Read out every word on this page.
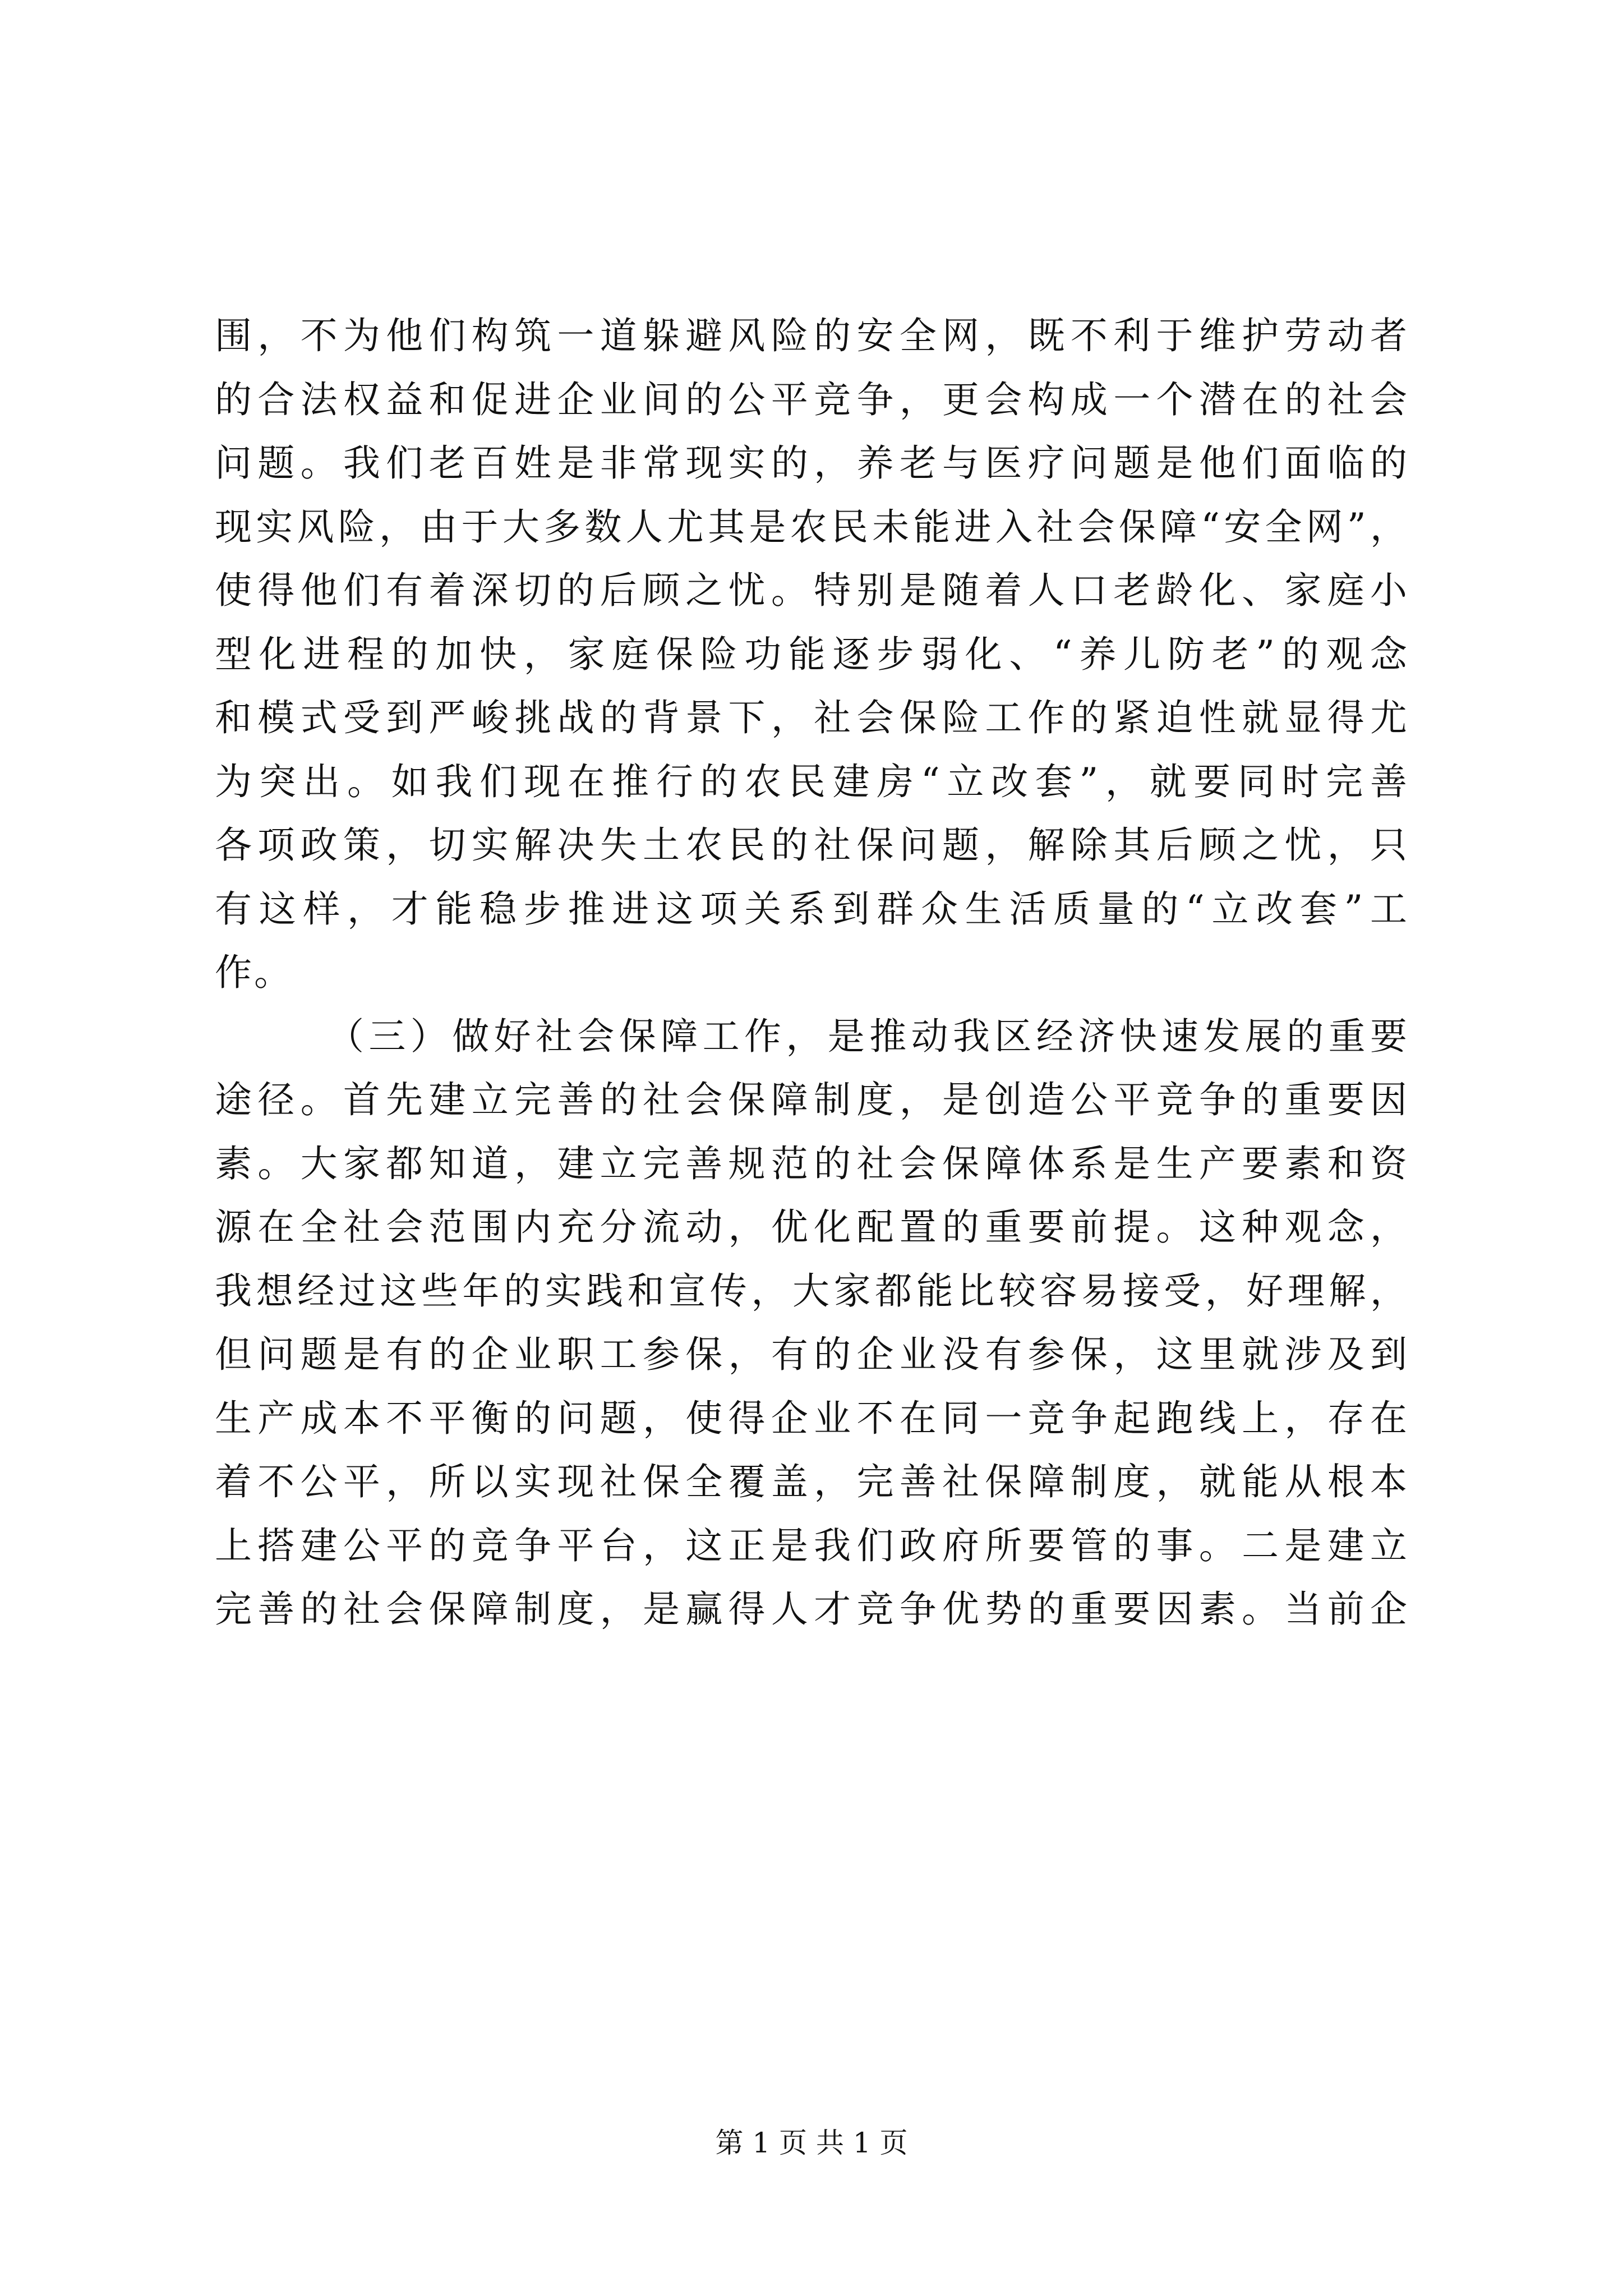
围，不为他们构筑一道躲避风险的安全网，既不利于维护劳动者
的合法权益和促进企业间的公平竞争，更会构成一个潜在的社会
问题。我们老百姓是非常现实的，养老与医疗问题是他们面临的
现实风险，由于大多数人尤其是农民未能进入社会保障“安全网”，
使得他们有着深切的后顾之忧。特别是随着人口老龄化、家庭小
型化进程的加快，家庭保险功能逐步弱化、“养儿防老”的观念
和模式受到严峻挑战的背景下，社会保险工作的紧迫性就显得尤
为突出。如我们现在推行的农民建房“立改套”，就要同时完善
各项政策，切实解决失土农民的社保问题，解除其后顾之忧，只
有这样，才能稳步推进这项关系到群众生活质量的“立改套”工
作。
（三）做好社会保障工作，是推动我区经济快速发展的重要
途径。首先建立完善的社会保障制度，是创造公平竞争的重要因
素。大家都知道，建立完善规范的社会保障体系是生产要素和资
源在全社会范围内充分流动，优化配置的重要前提。这种观念，
我想经过这些年的实践和宣传，大家都能比较容易接受，好理解，
但问题是有的企业职工参保，有的企业没有参保，这里就涉及到
生产成本不平衡的问题，使得企业不在同一竞争起跑线上，存在
着不公平，所以实现社保全覆盖，完善社保障制度，就能从根本
上搭建公平的竞争平台，这正是我们政府所要管的事。二是建立
完善的社会保障制度，是赢得人才竞争优势的重要因素。当前企
第 1 页 共 1 页
